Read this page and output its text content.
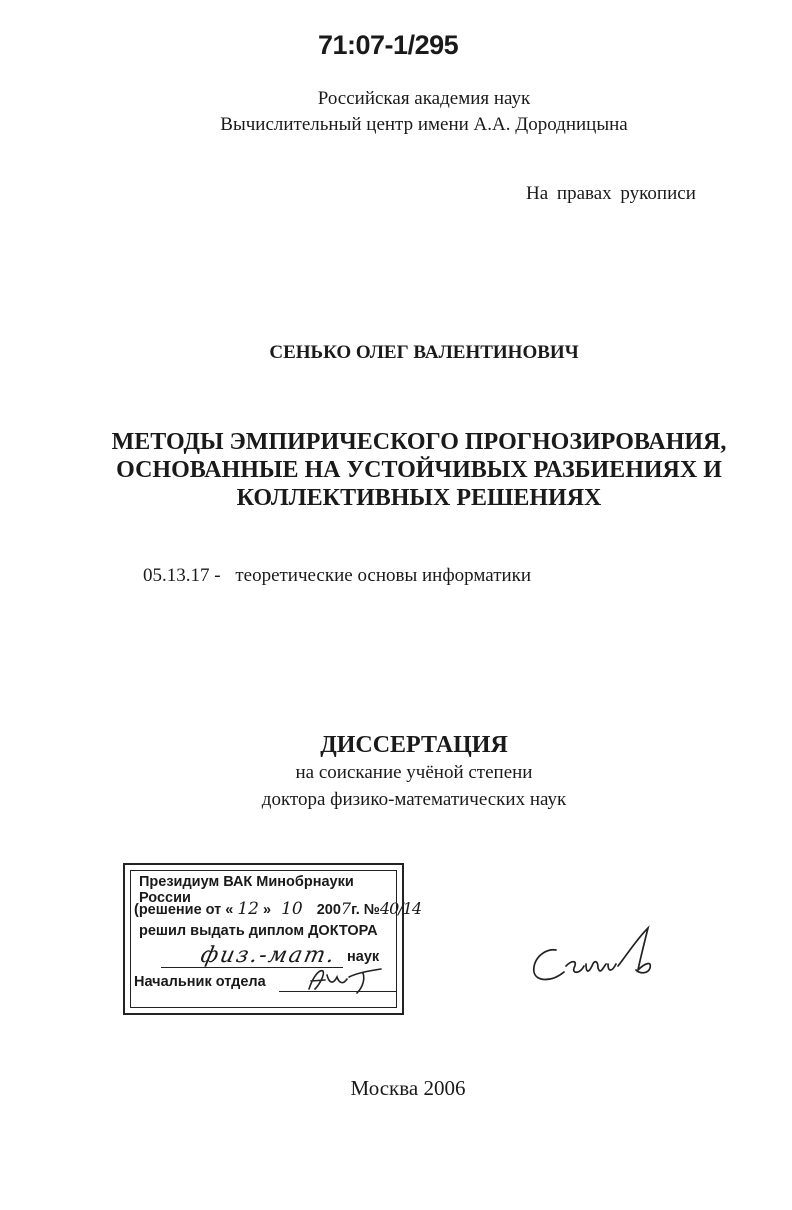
71:07-1/295
Российская академия наук
Вычислительный центр имени А.А. Дородницына
На правах рукописи
СЕНЬКО ОЛЕГ ВАЛЕНТИНОВИЧ
МЕТОДЫ ЭМПИРИЧЕСКОГО ПРОГНОЗИРОВАНИЯ,
ОСНОВАННЫЕ НА УСТОЙЧИВЫХ РАЗБИЕНИЯХ И
КОЛЛЕКТИВНЫХ РЕШЕНИЯХ
05.13.17 - теоретические основы информатики
ДИССЕРТАЦИЯ
на соискание учёной степени
доктора физико-математических наук
Президиум ВАК Минобрнауки России
(решение от « 12 » 10 2007г. №40/14
решил выдать диплом ДОКТОРА
физ.-мат. наук
Начальник отдела
Москва 2006
